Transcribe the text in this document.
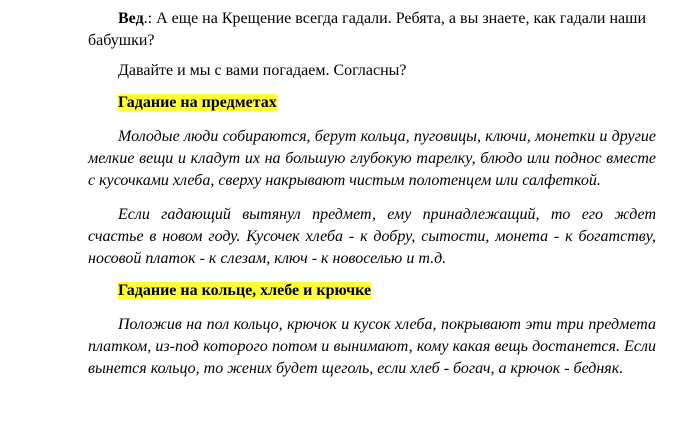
Вед.: А еще на Крещение всегда гадали. Ребята, а вы знаете, как гадали наши бабушки?

Давайте и мы с вами погадаем. Согласны?

Гадание на предметах

Молодые люди собираются, берут кольца, пуговицы, ключи, монетки и другие мелкие вещи и кладут их на большую глубокую тарелку, блюдо или поднос вместе с кусочками хлеба, сверху накрывают чистым полотенцем или салфеткой.

Если гадающий вытянул предмет, ему принадлежащий, то его ждет счастье в новом году. Кусочек хлеба - к добру, сытости, монета - к богатству, носовой платок - к слезам, ключ - к новоселью и т.д.

Гадание на кольце, хлебе и крючке

Положив на пол кольцо, крючок и кусок хлеба, покрывают эти три предмета платком, из-под которого потом и вынимают, кому какая вещь достанется. Если вынется кольцо, то жених будет щеголь, если хлеб - богач, а крючок - бедняк.
